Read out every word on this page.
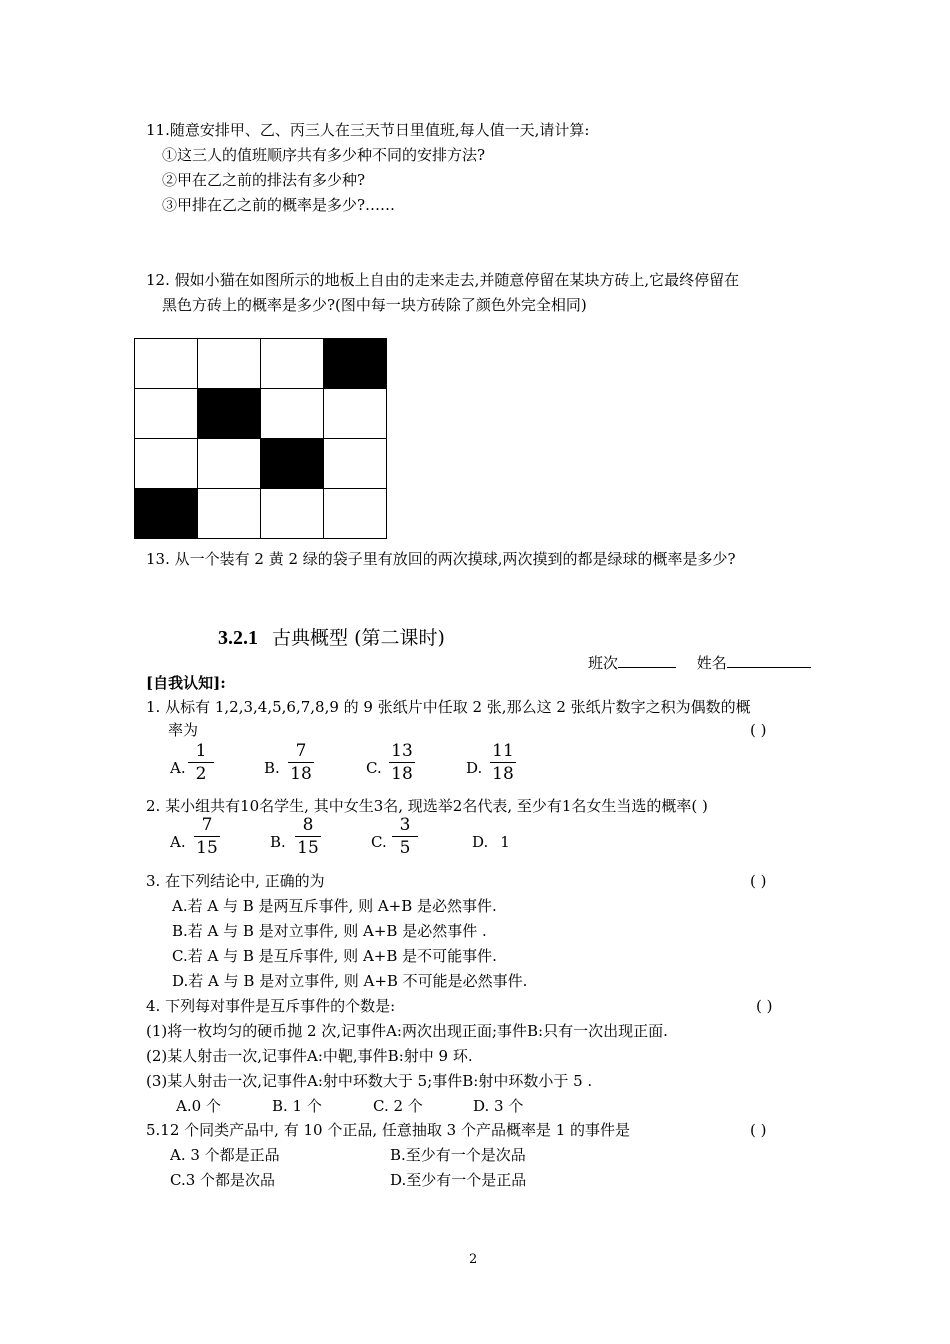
11.随意安排甲、乙、丙三人在三天节日里值班,每人值一天,请计算:
①这三人的值班顺序共有多少种不同的安排方法?
②甲在乙之前的排法有多少种?
③甲排在乙之前的概率是多少?……
12. 假如小猫在如图所示的地板上自由的走来走去,并随意停留在某块方砖上,它最终停留在
黑色方砖上的概率是多少?(图中每一块方砖除了颜色外完全相同)

13. 从一个装有 2 黄 2 绿的袋子里有放回的两次摸球,两次摸到的都是绿球的概率是多少?
3.2.1 古典概型 (第二课时)
班次	姓名
[自我认知]:
1. 从标有 1,2,3,4,5,6,7,8,9 的 9 张纸片中任取 2 张,那么这 2 张纸片数字之积为偶数的概
率为	( )
A.
1
2	B.
7
18	C.
13
18	D.
11
18
2. 某小组共有10名学生, 其中女生3名, 现选举2名代表, 至少有1名女生当选的概率( )
A.
7
15	B.
8
15	C.
3
5	D. 1
3. 在下列结论中, 正确的为	( )
A.若 A 与 B 是两互斥事件, 则 A+B 是必然事件.
B.若 A 与 B 是对立事件, 则 A+B 是必然事件 .
C.若 A 与 B 是互斥事件, 则 A+B 是不可能事件.
D.若 A 与 B 是对立事件, 则 A+B 不可能是必然事件.
4. 下列每对事件是互斥事件的个数是:	( )
(1)将一枚均匀的硬币抛 2 次,记事件A:两次出现正面;事件B:只有一次出现正面.
(2)某人射击一次,记事件A:中靶,事件B:射中 9 环.
(3)某人射击一次,记事件A:射中环数大于 5;事件B:射中环数小于 5 .
A.0 个	B. 1 个	C. 2 个	D. 3 个
5.12 个同类产品中, 有 10 个正品, 任意抽取 3 个产品概率是 1 的事件是	( )
A. 3 个都是正品	B.至少有一个是次品
C.3 个都是次品	D.至少有一个是正品
2
